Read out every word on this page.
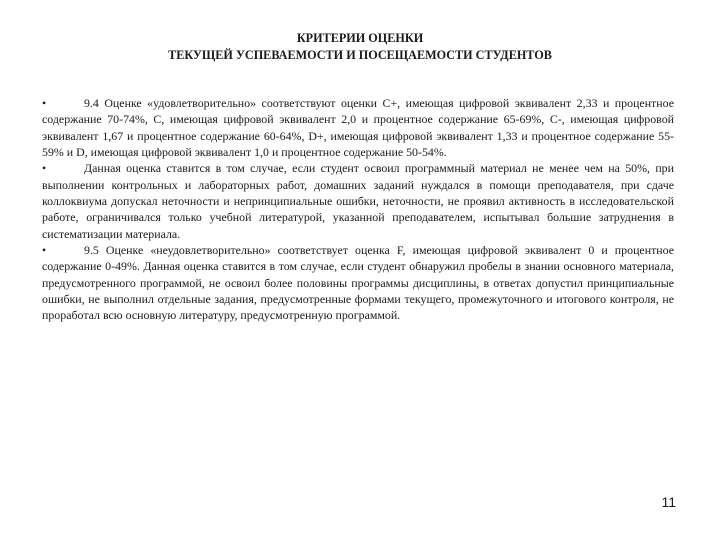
КРИТЕРИИ ОЦЕНКИ
ТЕКУЩЕЙ УСПЕВАЕМОСТИ И ПОСЕЩАЕМОСТИ СТУДЕНТОВ

•	9.4 Оценке «удовлетворительно» соответствуют оценки C+, имеющая цифровой эквивалент 2,33 и процентное содержание 70-74%, C, имеющая цифровой эквивалент 2,0 и процентное содержание 65-69%, C-, имеющая цифровой эквивалент 1,67 и процентное содержание 60-64%, D+, имеющая цифровой эквивалент 1,33 и процентное содержание 55-59% и D, имеющая цифровой эквивалент 1,0 и процентное содержание 50-54%.

•	Данная оценка ставится в том случае, если студент освоил программный материал не менее чем на 50%, при выполнении контрольных и лабораторных работ, домашних заданий нуждался в помощи преподавателя, при сдаче коллоквиума допускал неточности и непринципиальные ошибки, неточности, не проявил активность в исследовательской работе, ограничивался только учебной литературой, указанной преподавателем, испытывал большие затруднения в систематизации материала.

•	9.5 Оценке «неудовлетворительно» соответствует оценка F, имеющая цифровой эквивалент 0 и процентное содержание 0-49%. Данная оценка ставится в том случае, если студент обнаружил пробелы в знании основного материала, предусмотренного программой, не освоил более половины программы дисциплины, в ответах допустил принципиальные ошибки, не выполнил отдельные задания, предусмотренные формами текущего, промежуточного и итогового контроля, не проработал всю основную литературу, предусмотренную программой.

11
